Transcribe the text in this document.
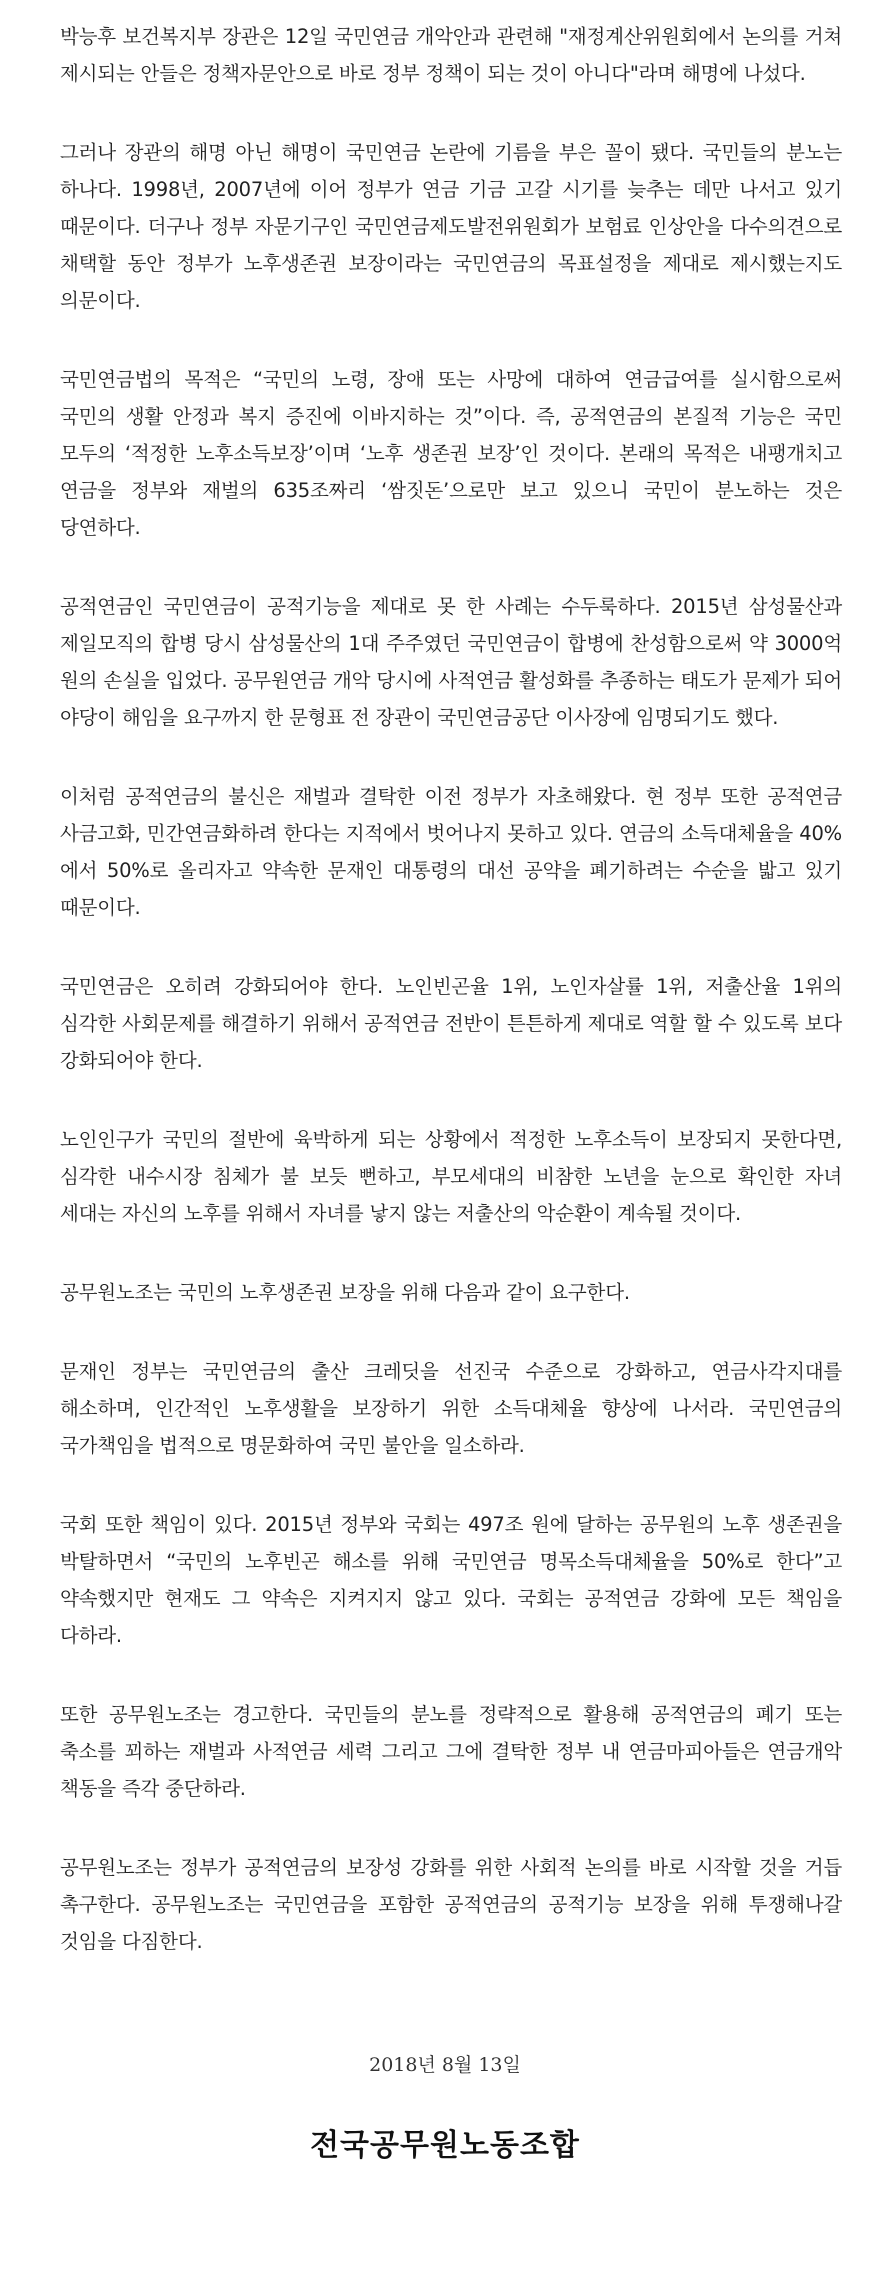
박능후 보건복지부 장관은 12일 국민연금 개악안과 관련해 "재정계산위원회에서 논의를 거쳐 제시되는 안들은 정책자문안으로 바로 정부 정책이 되는 것이 아니다"라며 해명에 나섰다.

그러나 장관의 해명 아닌 해명이 국민연금 논란에 기름을 부은 꼴이 됐다. 국민들의 분노는 하나다. 1998년, 2007년에 이어 정부가 연금 기금 고갈 시기를 늦추는 데만 나서고 있기 때문이다. 더구나 정부 자문기구인 국민연금제도발전위원회가 보험료 인상안을 다수의견으로 채택할 동안 정부가 노후생존권 보장이라는 국민연금의 목표설정을 제대로 제시했는지도 의문이다.

국민연금법의 목적은 “국민의 노령, 장애 또는 사망에 대하여 연금급여를 실시함으로써 국민의 생활 안정과 복지 증진에 이바지하는 것”이다. 즉, 공적연금의 본질적 기능은 국민 모두의 ‘적정한 노후소득보장’이며 ‘노후 생존권 보장’인 것이다. 본래의 목적은 내팽개치고 연금을 정부와 재벌의 635조짜리 ‘쌈짓돈’으로만 보고 있으니 국민이 분노하는 것은 당연하다.

공적연금인 국민연금이 공적기능을 제대로 못 한 사례는 수두룩하다. 2015년 삼성물산과 제일모직의 합병 당시 삼성물산의 1대 주주였던 국민연금이 합병에 찬성함으로써 약 3000억 원의 손실을 입었다. 공무원연금 개악 당시에 사적연금 활성화를 추종하는 태도가 문제가 되어 야당이 해임을 요구까지 한 문형표 전 장관이 국민연금공단 이사장에 임명되기도 했다.

이처럼 공적연금의 불신은 재벌과 결탁한 이전 정부가 자초해왔다. 현 정부 또한 공적연금 사금고화, 민간연금화하려 한다는 지적에서 벗어나지 못하고 있다. 연금의 소득대체율을 40%에서 50%로 올리자고 약속한 문재인 대통령의 대선 공약을 폐기하려는 수순을 밟고 있기 때문이다.

국민연금은 오히려 강화되어야 한다. 노인빈곤율 1위, 노인자살률 1위, 저출산율 1위의 심각한 사회문제를 해결하기 위해서 공적연금 전반이 튼튼하게 제대로 역할 할 수 있도록 보다 강화되어야 한다.

노인인구가 국민의 절반에 육박하게 되는 상황에서 적정한 노후소득이 보장되지 못한다면, 심각한 내수시장 침체가 불 보듯 뻔하고, 부모세대의 비참한 노년을 눈으로 확인한 자녀 세대는 자신의 노후를 위해서 자녀를 낳지 않는 저출산의 악순환이 계속될 것이다.

공무원노조는 국민의 노후생존권 보장을 위해 다음과 같이 요구한다.

문재인 정부는 국민연금의 출산 크레딧을 선진국 수준으로 강화하고, 연금사각지대를 해소하며, 인간적인 노후생활을 보장하기 위한 소득대체율 향상에 나서라. 국민연금의 국가책임을 법적으로 명문화하여 국민 불안을 일소하라.

국회 또한 책임이 있다. 2015년 정부와 국회는 497조 원에 달하는 공무원의 노후 생존권을 박탈하면서 “국민의 노후빈곤 해소를 위해 국민연금 명목소득대체율을 50%로 한다”고 약속했지만 현재도 그 약속은 지켜지지 않고 있다. 국회는 공적연금 강화에 모든 책임을 다하라.

또한 공무원노조는 경고한다. 국민들의 분노를 정략적으로 활용해 공적연금의 폐기 또는 축소를 꾀하는 재벌과 사적연금 세력 그리고 그에 결탁한 정부 내 연금마피아들은 연금개악 책동을 즉각 중단하라.

공무원노조는 정부가 공적연금의 보장성 강화를 위한 사회적 논의를 바로 시작할 것을 거듭 촉구한다. 공무원노조는 국민연금을 포함한 공적연금의 공적기능 보장을 위해 투쟁해나갈 것임을 다짐한다.

2018년 8월 13일
전국공무원노동조합
